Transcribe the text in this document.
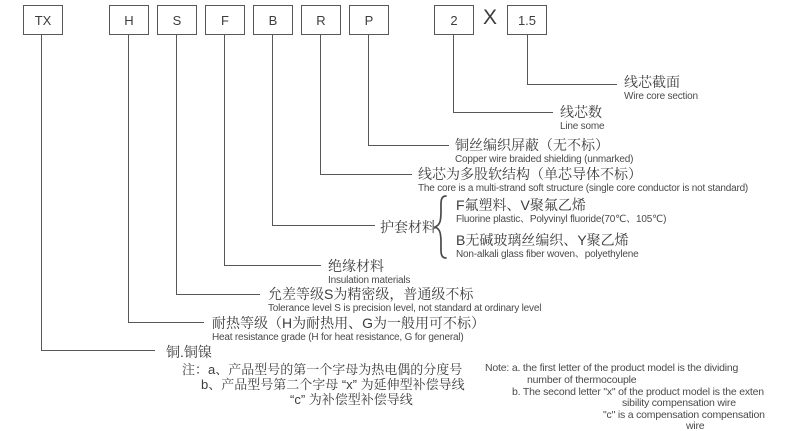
TX	H	S	F	B	R	P	2	1.5
X
线芯截面
Wire core section
线芯数
Line some
铜丝编织屏蔽（无不标）
Copper wire braided shielding (unmarked)
线芯为多股软结构（单芯导体不标）
The core is a multi-strand soft structure (single core conductor is not standard)
护套材料
F氟塑料、V聚氟乙烯
Fluorine plastic、Polyvinyl fluoride(70℃、105℃)
B无碱玻璃丝编织、Y聚乙烯
Non-alkali glass fiber woven、polyethylene
绝缘材料
Insulation materials
允差等级S为精密级，普通级不标
Tolerance level S is precision level, not standard at ordinary level
耐热等级（H为耐热用、G为一般用可不标）
Heat resistance grade (H for heat resistance, G for general)
铜.铜镍
注：a、产品型号的第一个字母为热电偶的分度号
b、产品型号第二个字母 “x” 为延伸型补偿导线
“c” 为补偿型补偿导线
Note: a. the first letter of the product model is the dividing
number of thermocouple
b. The second letter "x" of the product model is the exten
sibility compensation wire
"c" is a compensation compensation
wire
